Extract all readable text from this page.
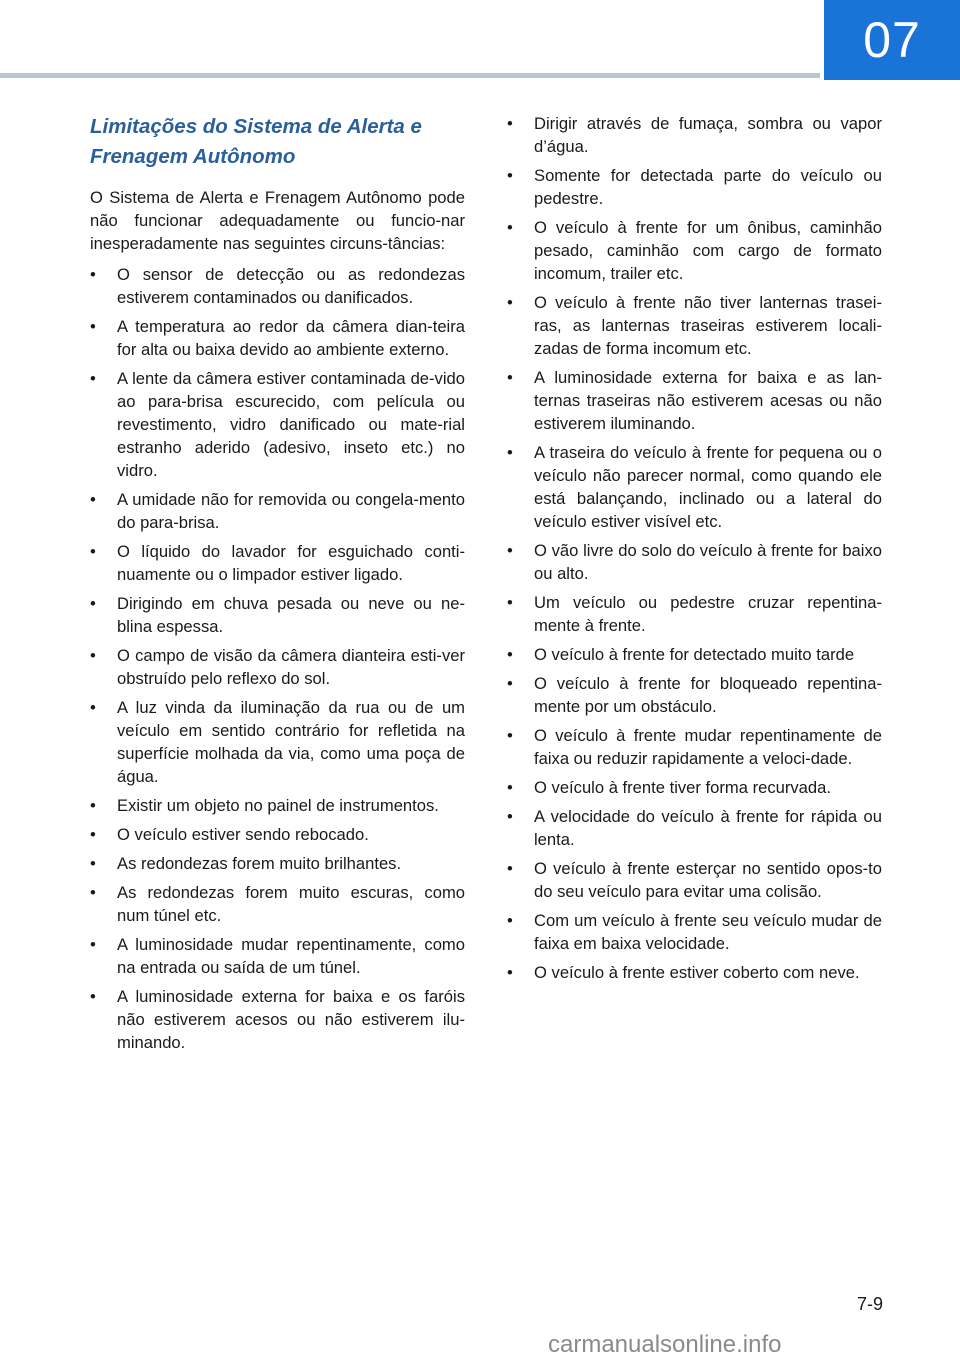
07
Limitações do Sistema de Alerta e Frenagem Autônomo

O Sistema de Alerta e Frenagem Autônomo pode não funcionar adequadamente ou funcio-nar inesperadamente nas seguintes circuns-tâncias:

•	O sensor de detecção ou as redondezas estiverem contaminados ou danificados.
•	A temperatura ao redor da câmera dian-teira for alta ou baixa devido ao ambiente externo.
•	A lente da câmera estiver contaminada de-vido ao para-brisa escurecido, com película ou revestimento, vidro danificado ou mate-rial estranho aderido (adesivo, inseto etc.) no vidro.
•	A umidade não for removida ou congela-mento do para-brisa.
•	O líquido do lavador for esguichado conti-nuamente ou o limpador estiver ligado.
•	Dirigindo em chuva pesada ou neve ou ne-blina espessa.
•	O campo de visão da câmera dianteira esti-ver obstruído pelo reflexo do sol.
•	A luz vinda da iluminação da rua ou de um veículo em sentido contrário for refletida na superfície molhada da via, como uma poça de água.
•	Existir um objeto no painel de instrumentos.
•	O veículo estiver sendo rebocado.
•	As redondezas forem muito brilhantes.
•	As redondezas forem muito escuras, como num túnel etc.
•	A luminosidade mudar repentinamente, como na entrada ou saída de um túnel.
•	A luminosidade externa for baixa e os faróis não estiverem acesos ou não estiverem ilu-minando.
•	Dirigir através de fumaça, sombra ou vapor d’água.
•	Somente for detectada parte do veículo ou pedestre.
•	O veículo à frente for um ônibus, caminhão pesado, caminhão com cargo de formato incomum, trailer etc.
•	O veículo à frente não tiver lanternas trasei-ras, as lanternas traseiras estiverem locali-zadas de forma incomum etc.
•	A luminosidade externa for baixa e as lan-ternas traseiras não estiverem acesas ou não estiverem iluminando.
•	A traseira do veículo à frente for pequena ou o veículo não parecer normal, como quando ele está balançando, inclinado ou a lateral do veículo estiver visível etc.
•	O vão livre do solo do veículo à frente for baixo ou alto.
•	Um veículo ou pedestre cruzar repentina-mente à frente.
•	O veículo à frente for detectado muito tarde
•	O veículo à frente for bloqueado repentina-mente por um obstáculo.
•	O veículo à frente mudar repentinamente de faixa ou reduzir rapidamente a veloci-dade.
•	O veículo à frente tiver forma recurvada.
•	A velocidade do veículo à frente for rápida ou lenta.
•	O veículo à frente esterçar no sentido opos-to do seu veículo para evitar uma colisão.
•	Com um veículo à frente seu veículo mudar de faixa em baixa velocidade.
•	O veículo à frente estiver coberto com neve.
7-9
carmanualsonline.info
